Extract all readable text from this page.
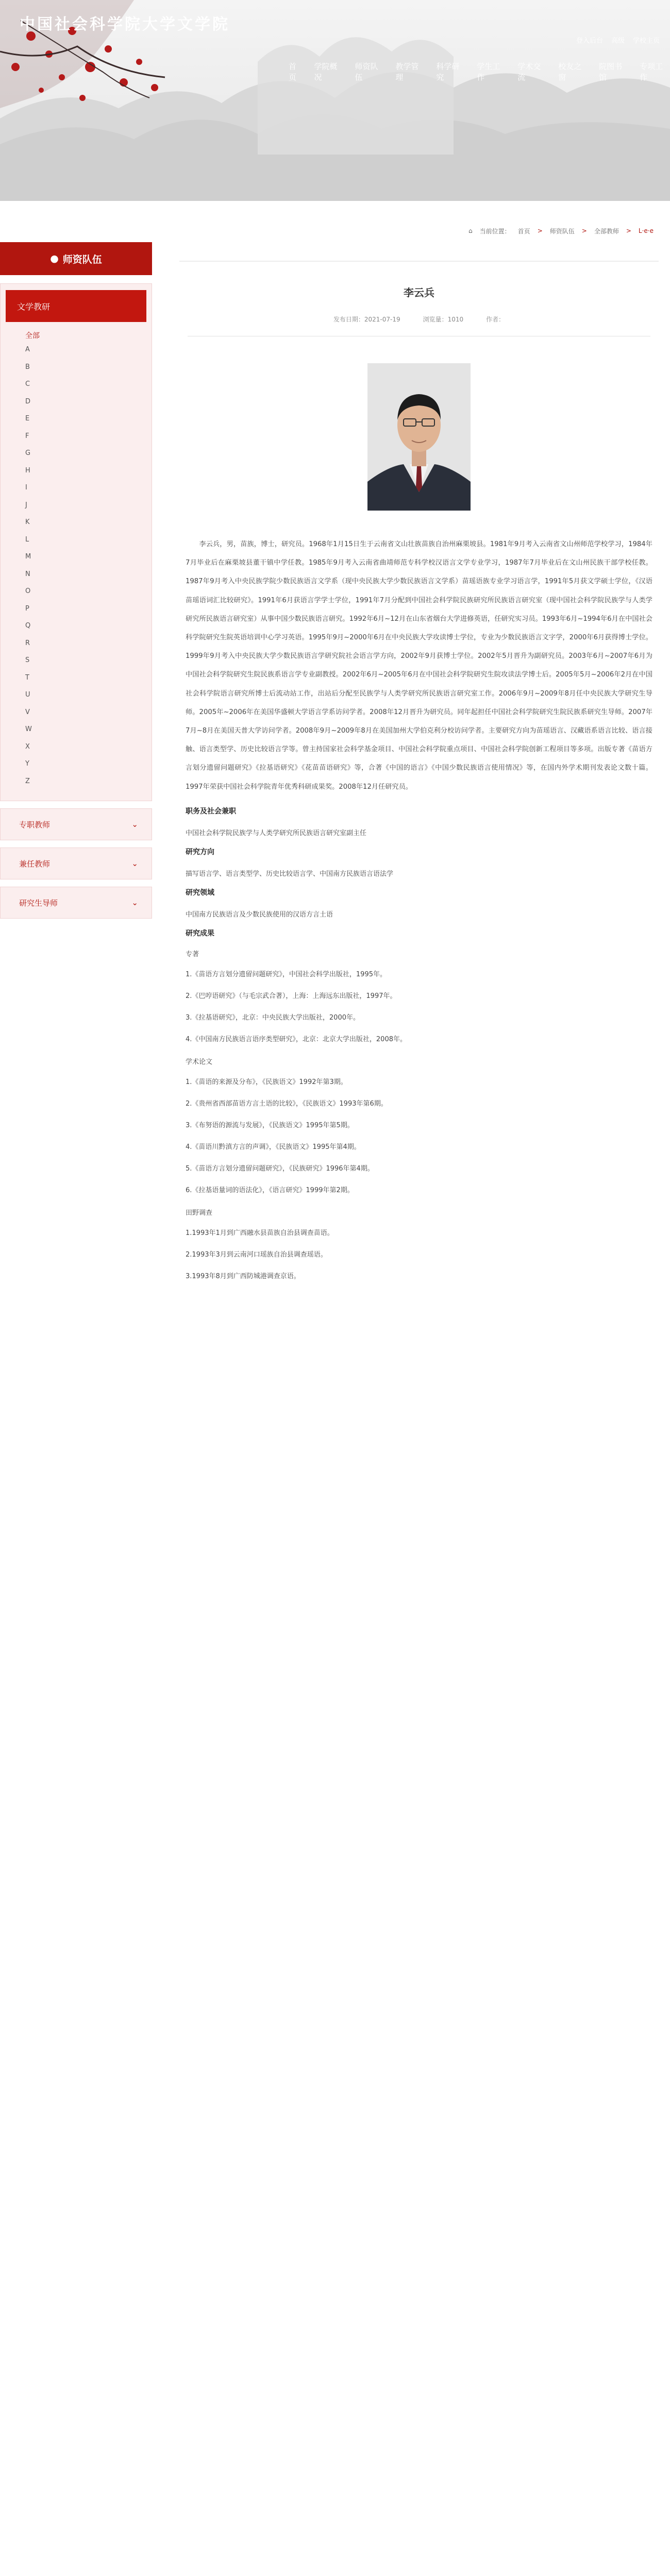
中国社会科学院大学文学院
登入后台 高级 学校主页
首页
学院概况
师资队伍
教学管理
科学研究
学生工作
学术交流
校友之窗
院图书馆
专项工作
● 师资队伍
文学教研
全部
A
B
C
D
E
F
G
H
I
J
K
L
M
N
O
P
Q
R
S
T
U
V
W
X
Y
Z
专职教师	⌄
兼任教师	⌄
研究生导师	⌄
⌂ 当前位置： 首页 > 师资队伍 > 全部教师 > L·e·e
李云兵
发布日期：2021-07-19	浏览量：1010	作者：
李云兵，男，苗族，博士，研究员。1968年1月15日生于云南省文山壮族苗族自治州麻栗坡县。1981年9月考入云南省文山州师范学校学习，1984年7月毕业后在麻栗坡县董干镇中学任教。1985年9月考入云南省曲靖师范专科学校汉语言文学专业学习，1987年7月毕业后在文山州民族干部学校任教。1987年9月考入中央民族学院少数民族语言文学系（现中央民族大学少数民族语言文学系）苗瑶语族专业学习语言学，1991年5月获文学硕士学位，《汉语苗瑶语词汇比较研究》。1991年6月获语言学学士学位，1991年7月分配到中国社会科学院民族研究所民族语言研究室（现中国社会科学院民族学与人类学研究所民族语言研究室）从事中国少数民族语言研究。1992年6月~12月在山东省烟台大学进修英语，任研究实习员。1993年6月~1994年6月在中国社会科学院研究生院英语培训中心学习英语。1995年9月~2000年6月在中央民族大学攻读博士学位，专业为少数民族语言文字学，2000年6月获得博士学位。1999年9月考入中央民族大学少数民族语言学研究院社会语言学方向，2002年9月获博士学位。2002年5月晋升为副研究员。2003年6月~2007年6月为中国社会科学院研究生院民族系语言学专业副教授。2002年6月~2005年6月在中国社会科学院研究生院攻读法学博士后。2005年5月~2006年2月在中国社会科学院语言研究所博士后流动站工作，出站后分配至民族学与人类学研究所民族语言研究室工作。2006年9月~2009年8月任中央民族大学研究生导师。2005年~2006年在美国华盛顿大学语言学系访问学者。2008年12月晋升为研究员。同年起担任中国社会科学院研究生院民族系研究生导师。2007年7月~8月在美国天普大学访问学者。2008年9月~2009年8月在美国加州大学伯克利分校访问学者。主要研究方向为苗瑶语言、汉藏语系语言比较、语言接触、语言类型学、历史比较语言学等。曾主持国家社会科学基金项目、中国社会科学院重点项目、中国社会科学院创新工程项目等多项。出版专著《苗语方言划分遗留问题研究》《拉基语研究》《花苗苗语研究》等，合著《中国的语言》《中国少数民族语言使用情况》等，在国内外学术期刊发表论文数十篇。1997年荣获中国社会科学院青年优秀科研成果奖。2008年12月任研究员。
职务及社会兼职
中国社会科学院民族学与人类学研究所民族语言研究室副主任
研究方向
描写语言学、语言类型学、历史比较语言学、中国南方民族语言语法学
研究领域
中国南方民族语言及少数民族使用的汉语方言土语
研究成果
专著
1.《苗语方言划分遗留问题研究》，中国社会科学出版社，1995年。
2.《巴哼语研究》（与毛宗武合著），上海：上海远东出版社，1997年。
3.《拉基语研究》，北京：中央民族大学出版社，2000年。
4.《中国南方民族语言语序类型研究》，北京：北京大学出版社，2008年。
学术论文
1.《苗语的来源及分布》，《民族语文》1992年第3期。
2.《贵州省西部苗语方言土语的比较》，《民族语文》1993年第6期。
3.《布努语的源流与发展》，《民族语文》1995年第5期。
4.《苗语川黔滇方言的声调》，《民族语文》1995年第4期。
5.《苗语方言划分遗留问题研究》，《民族研究》1996年第4期。
6.《拉基语量词的语法化》，《语言研究》1999年第2期。
田野调查
1.1993年1月到广西融水县苗族自治县调查苗语。
2.1993年3月到云南河口瑶族自治县调查瑶语。
3.1993年8月到广西防城港调查京语。
